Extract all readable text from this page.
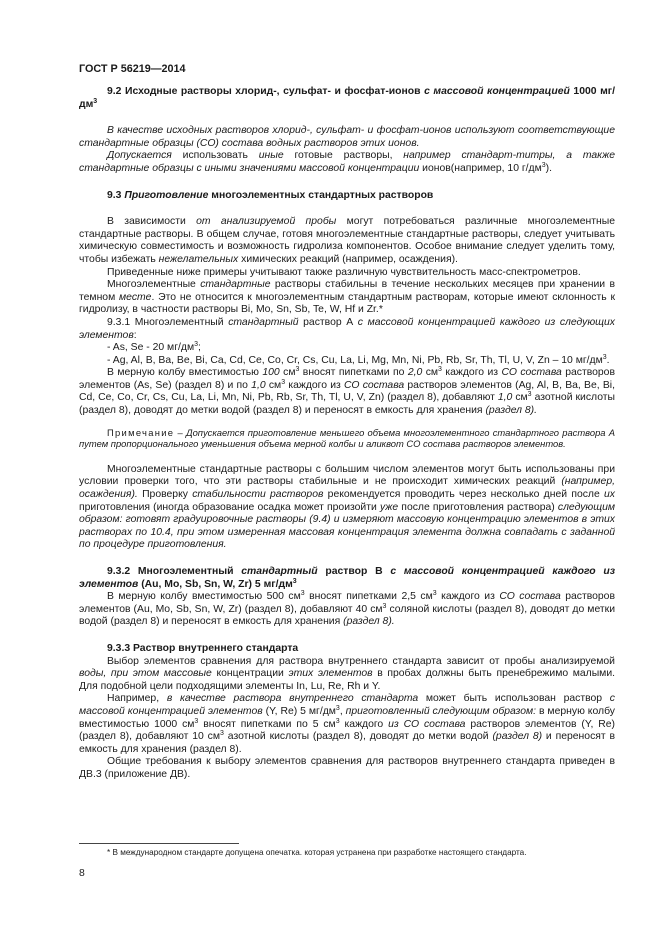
ГОСТ Р 56219—2014

9.2 Исходные растворы хлорид-, сульфат- и фосфат-ионов с массовой концентрацией 1000 $мг/дм^3$

В качестве исходных растворов хлорид-, сульфат- и фосфат-ионов используют соответствующие стандартные образцы (СО) состава водных растворов этих ионов.

Допускается использовать иные готовые растворы, например стандарт-титры, а также стандартные образцы с иными значениями массовой концентрации ионов(например, 10 $г/дм^3$).

9.3 Приготовление многоэлементных стандартных растворов

В зависимости от анализируемой пробы могут потребоваться различные многоэлементные стандартные растворы. В общем случае, готовя многоэлементные стандартные растворы, следует учитывать химическую совместимость и возможность гидролиза компонентов. Особое внимание следует уделить тому, чтобы избежать нежелательных химических реакций (например, осаждения).

Приведенные ниже примеры учитывают также различную чувствительность масс-спектрометров.

Многоэлементные стандартные растворы стабильны в течение нескольких месяцев при хранении в темном месте. Это не относится к многоэлементным стандартным растворам, которые имеют склонность к гидролизу, в частности растворы Bi, Mo, Sn, Sb, Te, W, Hf и Zr.*

9.3.1 Многоэлементный стандартный раствор А с массовой концентрацией каждого из следующих элементов:

- As, Se - 20 $мг/дм^3$;

- Ag, Al, B, Ba, Be, Bi, Ca, Cd, Ce, Co, Cr, Cs, Cu, La, Li, Mg, Mn, Ni, Pb, Rb, Sr, Th, Tl, U, V, Zn – 10 $мг/дм^3$.

В мерную колбу вместимостью 100 $см^3$ вносят пипетками по 2,0 $см^3$ каждого из СО состава растворов элементов (As, Se) (раздел 8) и по 1,0 $см^3$ каждого из СО состава растворов элементов (Ag, Al, B, Ba, Be, Bi, Cd, Ce, Co, Cr, Cs, Cu, La, Li, Mn, Ni, Pb, Rb, Sr, Th, Tl, U, V, Zn) (раздел 8), добавляют 1,0 $см^3$ азотной кислоты (раздел 8), доводят до метки водой (раздел 8) и переносят в емкость для хранения (раздел 8).

Примечание – Допускается приготовление меньшего объема многоэлементного стандартного раствора А путем пропорционального уменьшения объема мерной колбы и аликвот СО состава растворов элементов.

Многоэлементные стандартные растворы с большим числом элементов могут быть использованы при условии проверки того, что эти растворы стабильные и не происходит химических реакций (например, осаждения). Проверку стабильности растворов рекомендуется проводить через несколько дней после их приготовления (иногда образование осадка может произойти уже после приготовления раствора) следующим образом: готовят градуировочные растворы (9.4) и измеряют массовую концентрацию элементов в этих растворах по 10.4, при этом измеренная массовая концентрация элемента должна совпадать с заданной по процедуре приготовления.

9.3.2 Многоэлементный стандартный раствор В с массовой концентрацией каждого из элементов (Au, Mo, Sb, Sn, W, Zr) 5 $мг/дм^3$

В мерную колбу вместимостью 500 $см^3$ вносят пипетками 2,5 $см^3$ каждого из СО состава растворов элементов (Au, Mo, Sb, Sn, W, Zr) (раздел 8), добавляют 40 $см^3$ соляной кислоты (раздел 8), доводят до метки водой (раздел 8) и переносят в емкость для хранения (раздел 8).

9.3.3 Раствор внутреннего стандарта

Выбор элементов сравнения для раствора внутреннего стандарта зависит от пробы анализируемой воды, при этом массовые концентрации этих элементов в пробах должны быть пренебрежимо малыми. Для подобной цели подходящими элементы In, Lu, Re, Rh и Y.

Например, в качестве раствора внутреннего стандарта может быть использован раствор с массовой концентрацией элементов (Y, Re) 5 $мг/дм^3$, приготовленный следующим образом: в мерную колбу вместимостью 1000 $см^3$ вносят пипетками по 5 $см^3$ каждого из СО состава растворов элементов (Y, Re) (раздел 8), добавляют 10 $см^3$ азотной кислоты (раздел 8), доводят до метки водой (раздел 8) и переносят в емкость для хранения (раздел 8).

Общие требования к выбору элементов сравнения для растворов внутреннего стандарта приведен в ДВ.3 (приложение ДВ).

* В международном стандарте допущена опечатка. которая устранена при разработке настоящего стандарта.

8
